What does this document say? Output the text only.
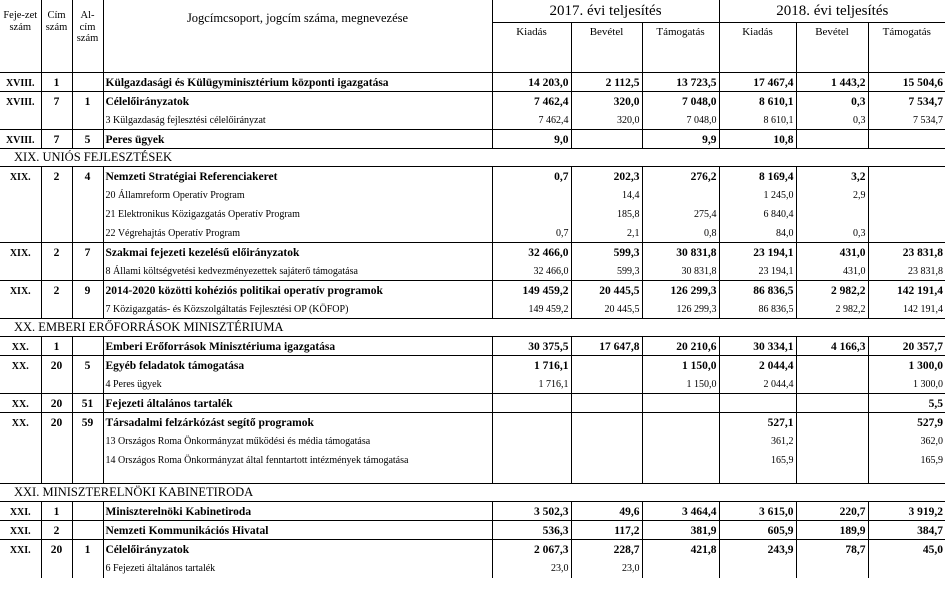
Feje-zet szám	Cím szám	Al-cím szám	Jogcímcsoport, jogcím száma, megnevezése	2017. évi teljesítés			2018. évi teljesítés		
				Kiadás	Bevétel	Támogatás	Kiadás	Bevétel	Támogatás
XVIII.	1		Külgazdasági és Külügyminisztérium központi igazgatása	14 203,0	2 112,5	13 723,5	17 467,4	1 443,2	15 504,6
XVIII.	7	1	Célelőirányzatok	7 462,4	320,0	7 048,0	8 610,1	0,3	7 534,7
			3 Külgazdaság fejlesztési célelőirányzat	7 462,4	320,0	7 048,0	8 610,1	0,3	7 534,7
XVIII.	7	5	Peres ügyek	9,0		9,9	10,8		
XIX. UNIÓS FEJLESZTÉSEK									
XIX.	2	4	Nemzeti Stratégiai Referenciakeret	0,7	202,3	276,2	8 169,4	3,2	
			20 Államreform Operatív Program		14,4		1 245,0	2,9	
			21 Elektronikus Közigazgatás Operatív Program		185,8	275,4	6 840,4		
			22 Végrehajtás Operatív Program	0,7	2,1	0,8	84,0	0,3	
XIX.	2	7	Szakmai fejezeti kezelésű előirányzatok	32 466,0	599,3	30 831,8	23 194,1	431,0	23 831,8
			8 Állami költségvetési kedvezményezettek sajáterő támogatása	32 466,0	599,3	30 831,8	23 194,1	431,0	23 831,8
XIX.	2	9	2014-2020 közötti kohéziós politikai operatív programok	149 459,2	20 445,5	126 299,3	86 836,5	2 982,2	142 191,4
			7 Közigazgatás- és Közszolgáltatás Fejlesztési OP (KÖFOP)	149 459,2	20 445,5	126 299,3	86 836,5	2 982,2	142 191,4
XX. EMBERI ERŐFORRÁSOK MINISZTÉRIUMA									
XX.	1		Emberi Erőforrások Minisztériuma igazgatása	30 375,5	17 647,8	20 210,6	30 334,1	4 166,3	20 357,7
XX.	20	5	Egyéb feladatok támogatása	1 716,1		1 150,0	2 044,4		1 300,0
			4 Peres ügyek	1 716,1		1 150,0	2 044,4		1 300,0
XX.	20	51	Fejezeti általános tartalék						5,5
XX.	20	59	Társadalmi felzárkózást segítő programok				527,1		527,9
			13 Országos Roma Önkormányzat működési és média támogatása				361,2		362,0
			14 Országos Roma Önkormányzat által fenntartott intézmények támogatása				165,9		165,9
XXI. MINISZTERELNÖKI KABINETIRODA									
XXI.	1		Miniszterelnöki Kabinetiroda	3 502,3	49,6	3 464,4	3 615,0	220,7	3 919,2
XXI.	2		Nemzeti Kommunikációs Hivatal	536,3	117,2	381,9	605,9	189,9	384,7
XXI.	20	1	Célelőirányzatok	2 067,3	228,7	421,8	243,9	78,7	45,0
			6 Fejezeti általános tartalék	23,0	23,0				
